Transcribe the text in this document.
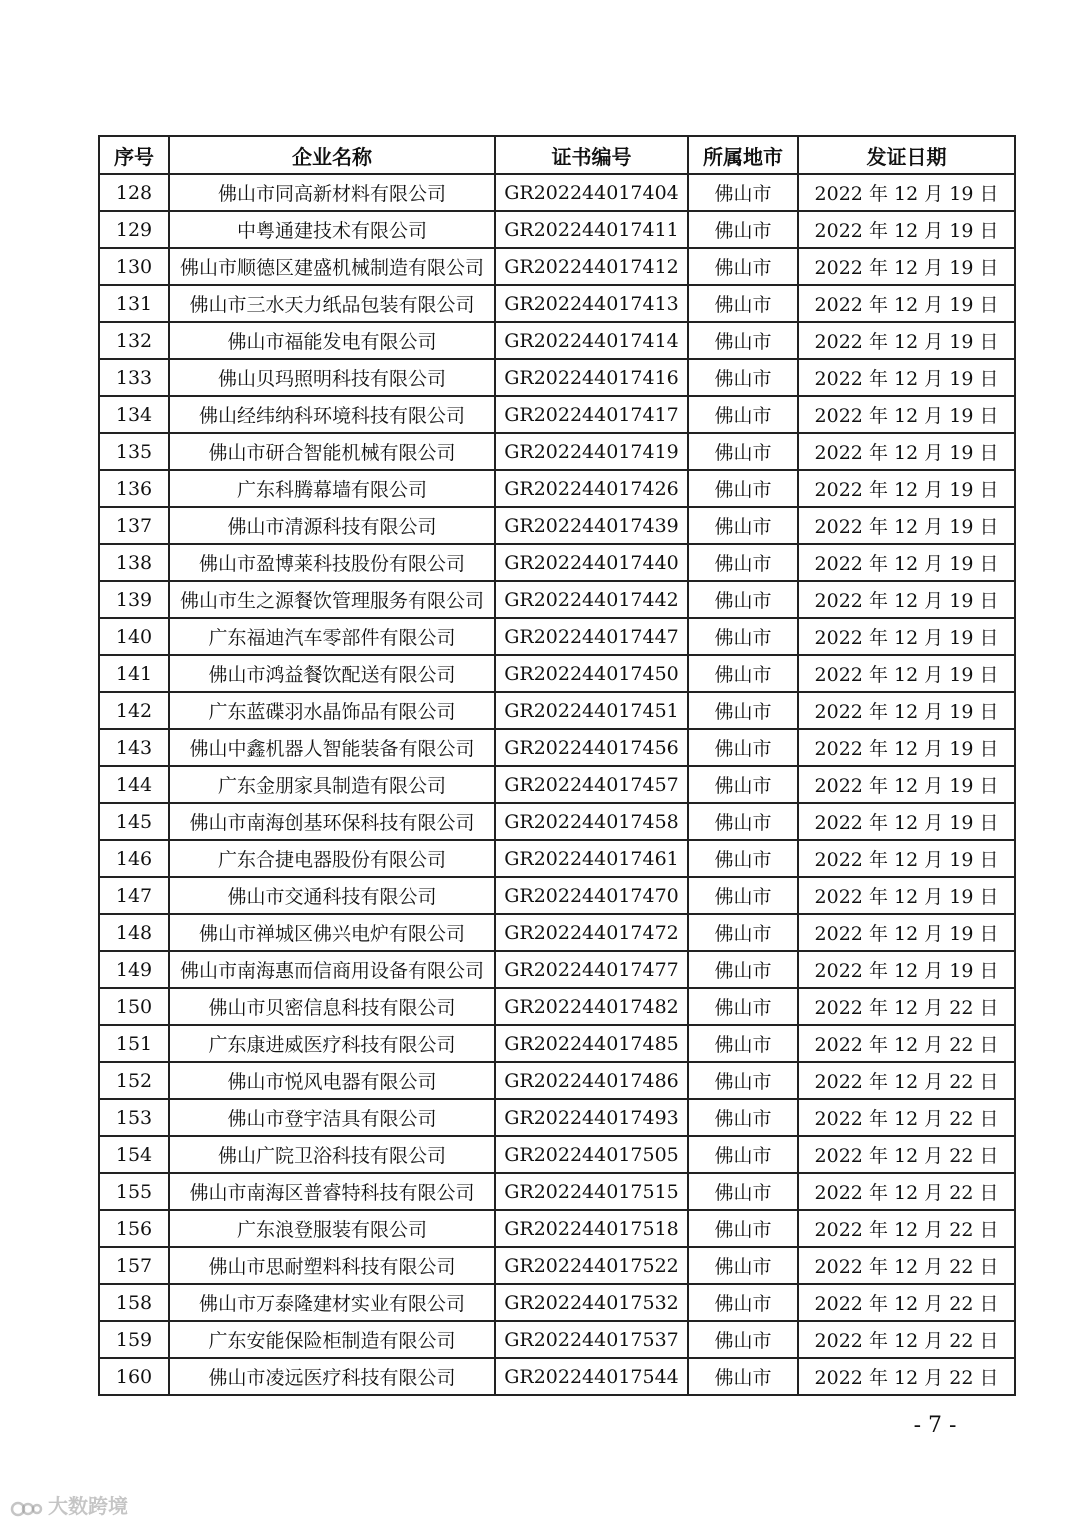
序号	企业名称	证书编号	所属地市	发证日期
128	佛山市同高新材料有限公司	GR202244017404	佛山市	2022 年 12 月 19 日
129	中粤通建技术有限公司	GR202244017411	佛山市	2022 年 12 月 19 日
130	佛山市顺德区建盛机械制造有限公司	GR202244017412	佛山市	2022 年 12 月 19 日
131	佛山市三水天力纸品包装有限公司	GR202244017413	佛山市	2022 年 12 月 19 日
132	佛山市福能发电有限公司	GR202244017414	佛山市	2022 年 12 月 19 日
133	佛山贝玛照明科技有限公司	GR202244017416	佛山市	2022 年 12 月 19 日
134	佛山经纬纳科环境科技有限公司	GR202244017417	佛山市	2022 年 12 月 19 日
135	佛山市研合智能机械有限公司	GR202244017419	佛山市	2022 年 12 月 19 日
136	广东科腾幕墙有限公司	GR202244017426	佛山市	2022 年 12 月 19 日
137	佛山市清源科技有限公司	GR202244017439	佛山市	2022 年 12 月 19 日
138	佛山市盈博莱科技股份有限公司	GR202244017440	佛山市	2022 年 12 月 19 日
139	佛山市生之源餐饮管理服务有限公司	GR202244017442	佛山市	2022 年 12 月 19 日
140	广东福迪汽车零部件有限公司	GR202244017447	佛山市	2022 年 12 月 19 日
141	佛山市鸿益餐饮配送有限公司	GR202244017450	佛山市	2022 年 12 月 19 日
142	广东蓝碟羽水晶饰品有限公司	GR202244017451	佛山市	2022 年 12 月 19 日
143	佛山中鑫机器人智能装备有限公司	GR202244017456	佛山市	2022 年 12 月 19 日
144	广东金朋家具制造有限公司	GR202244017457	佛山市	2022 年 12 月 19 日
145	佛山市南海创基环保科技有限公司	GR202244017458	佛山市	2022 年 12 月 19 日
146	广东合捷电器股份有限公司	GR202244017461	佛山市	2022 年 12 月 19 日
147	佛山市交通科技有限公司	GR202244017470	佛山市	2022 年 12 月 19 日
148	佛山市禅城区佛兴电炉有限公司	GR202244017472	佛山市	2022 年 12 月 19 日
149	佛山市南海惠而信商用设备有限公司	GR202244017477	佛山市	2022 年 12 月 19 日
150	佛山市贝密信息科技有限公司	GR202244017482	佛山市	2022 年 12 月 22 日
151	广东康进威医疗科技有限公司	GR202244017485	佛山市	2022 年 12 月 22 日
152	佛山市悦风电器有限公司	GR202244017486	佛山市	2022 年 12 月 22 日
153	佛山市登宇洁具有限公司	GR202244017493	佛山市	2022 年 12 月 22 日
154	佛山广院卫浴科技有限公司	GR202244017505	佛山市	2022 年 12 月 22 日
155	佛山市南海区普睿特科技有限公司	GR202244017515	佛山市	2022 年 12 月 22 日
156	广东浪登服装有限公司	GR202244017518	佛山市	2022 年 12 月 22 日
157	佛山市思耐塑料科技有限公司	GR202244017522	佛山市	2022 年 12 月 22 日
158	佛山市万泰隆建材实业有限公司	GR202244017532	佛山市	2022 年 12 月 22 日
159	广东安能保险柜制造有限公司	GR202244017537	佛山市	2022 年 12 月 22 日
160	佛山市凌远医疗科技有限公司	GR202244017544	佛山市	2022 年 12 月 22 日
- 7 -
大数跨境
